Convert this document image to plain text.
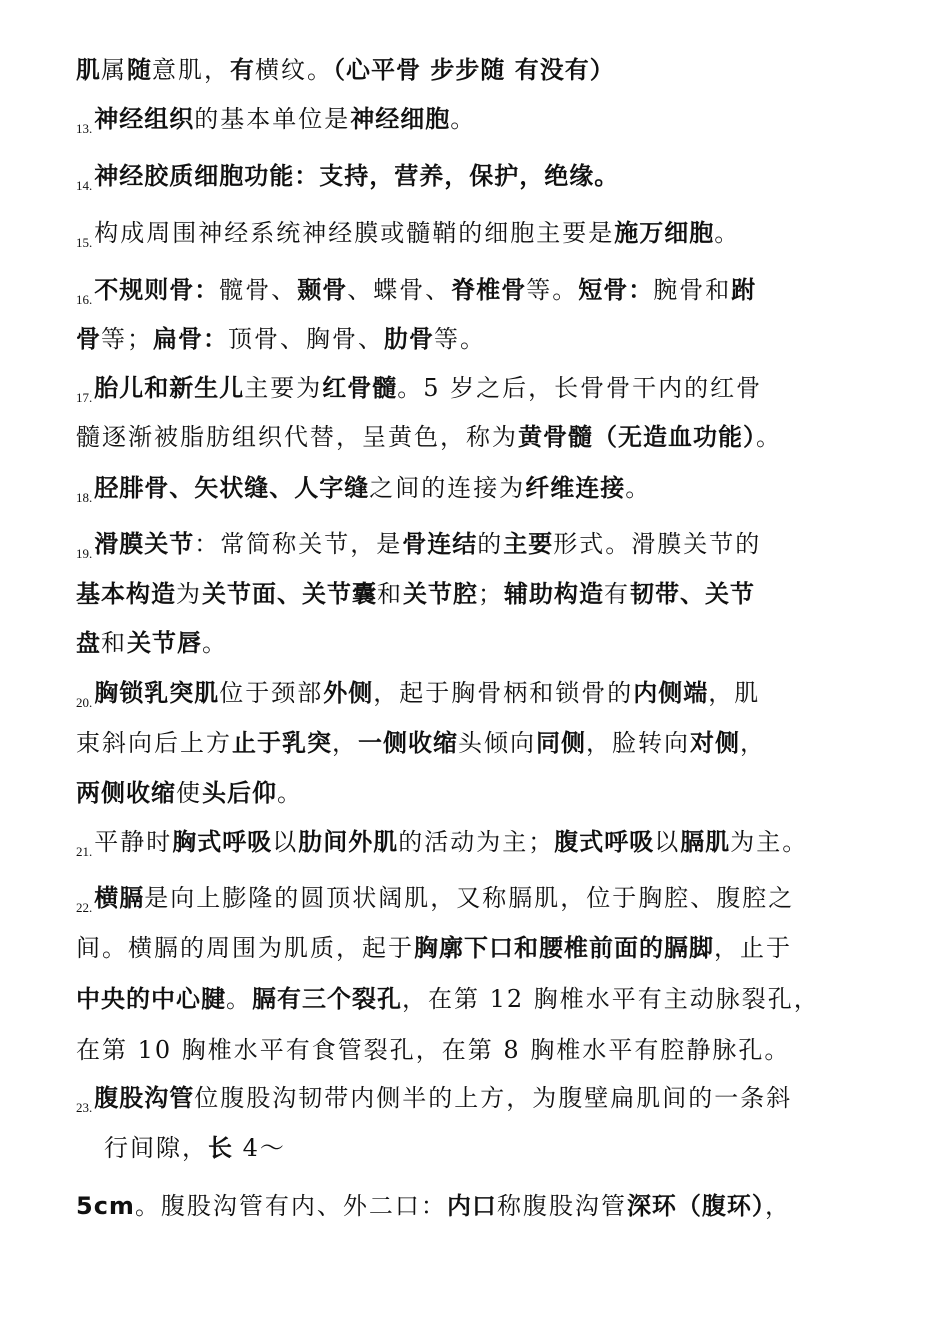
肌属随意肌，有横纹。（心平骨 步步随 有没有）
$_{13.}$神经组织的基本单位是神经细胞。
$_{14.}$神经胶质细胞功能：支持，营养，保护，绝缘。
$_{15.}$构成周围神经系统神经膜或髓鞘的细胞主要是施万细胞。
$_{16.}$不规则骨：髋骨、颞骨、蝶骨、脊椎骨等。短骨：腕骨和跗
骨等；扁骨：顶骨、胸骨、肋骨等。
$_{17.}$胎儿和新生儿主要为红骨髓。5 岁之后，长骨骨干内的红骨
髓逐渐被脂肪组织代替，呈黄色，称为黄骨髓（无造血功能）。
$_{18.}$胫腓骨、矢状缝、人字缝之间的连接为纤维连接。
$_{19.}$滑膜关节：常简称关节，是骨连结的主要形式。滑膜关节的
基本构造为关节面、关节囊和关节腔；辅助构造有韧带、关节
盘和关节唇。
$_{20.}$胸锁乳突肌位于颈部外侧，起于胸骨柄和锁骨的内侧端，肌
束斜向后上方止于乳突，一侧收缩头倾向同侧，脸转向对侧，
两侧收缩使头后仰。
$_{21.}$平静时胸式呼吸以肋间外肌的活动为主；腹式呼吸以膈肌为主。
$_{22.}$横膈是向上膨隆的圆顶状阔肌，又称膈肌，位于胸腔、腹腔之
间。横膈的周围为肌质，起于胸廓下口和腰椎前面的膈脚，止于
中央的中心腱。膈有三个裂孔，在第 12 胸椎水平有主动脉裂孔，
在第 10 胸椎水平有食管裂孔，在第 8 胸椎水平有腔静脉孔。
$_{23.}$腹股沟管位腹股沟韧带内侧半的上方，为腹壁扁肌间的一条斜
行间隙，长 4～
5cm。腹股沟管有内、外二口：内口称腹股沟管深环（腹环），
